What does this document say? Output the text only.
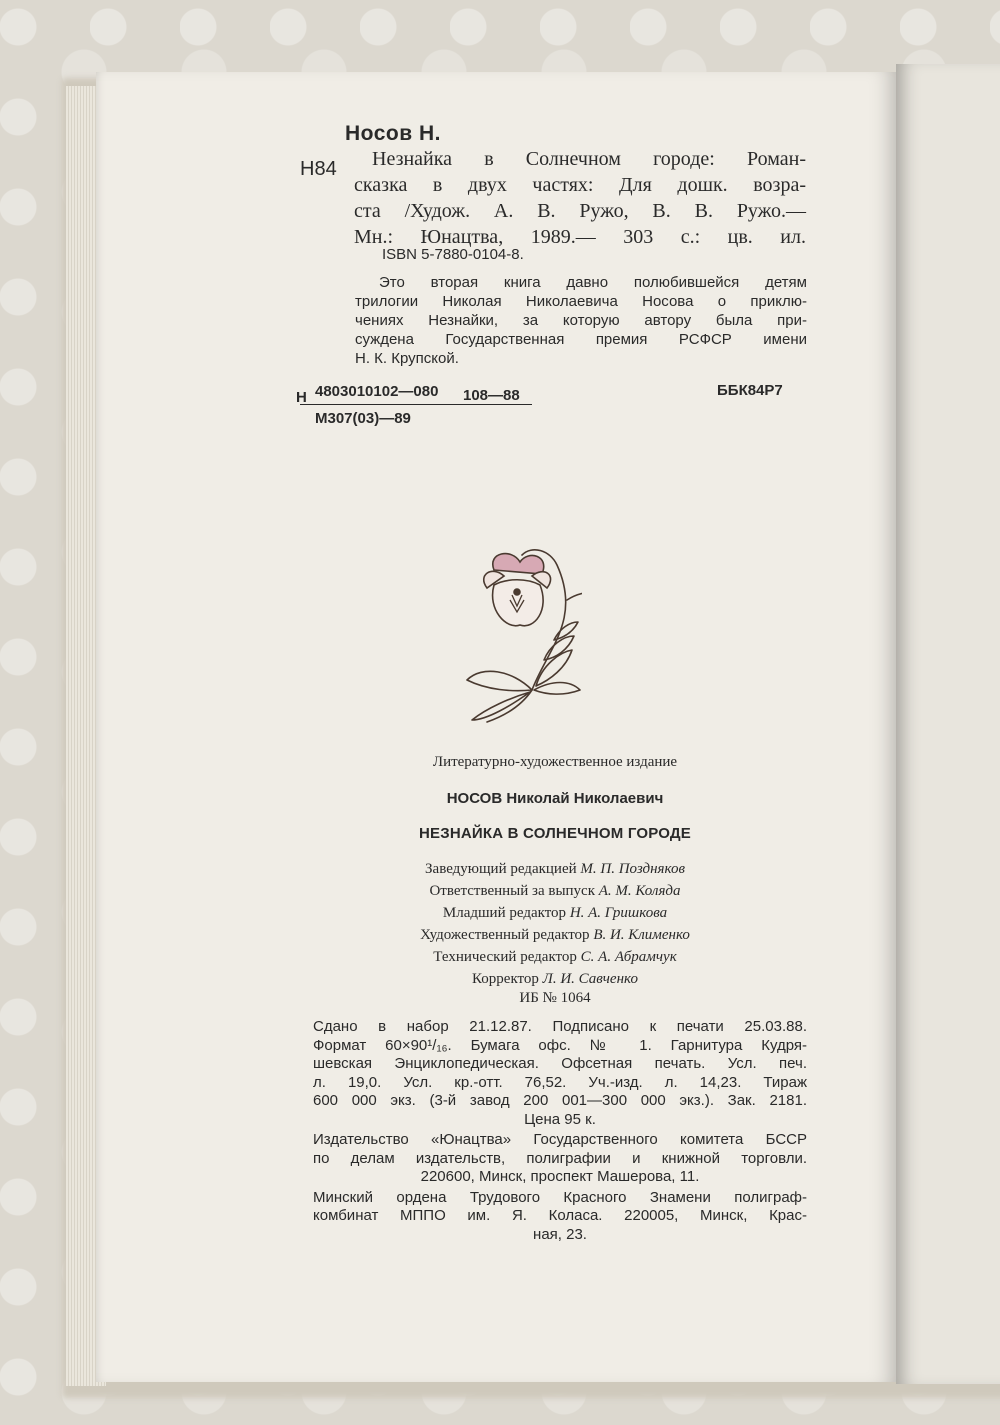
Носов Н.
Н84	Незнайка в Солнечном городе: Роман-
сказка в двух частях: Для дошк. возра-
ста /Худож. А. В. Ружо, В. В. Ружо.—
Мн.: Юнацтва, 1989.— 303 с.: цв. ил.
ISBN 5-7880-0104-8.
Это вторая книга давно полюбившейся детям
трилогии Николая Николаевича Носова о приклю-
чениях Незнайки, за которую автору была при-
суждена Государственная премия РСФСР имени
Н. К. Крупской.
4803010102—080
Н	108—88
М307(03)—89
ББК84Р7
Литературно-художественное издание
НОСОВ Николай Николаевич
НЕЗНАЙКА В СОЛНЕЧНОМ ГОРОДЕ
Заведующий редакцией М. П. Поздняков
Ответственный за выпуск А. М. Коляда
Младший редактор Н. А. Гришкова
Художественный редактор В. И. Клименко
Технический редактор С. А. Абрамчук
Корректор Л. И. Савченко
ИБ № 1064
Сдано в набор 21.12.87. Подписано к печати 25.03.88.
Формат 60×90¹/₁₆. Бумага офс. № 1. Гарнитура Кудря-
шевская Энциклопедическая. Офсетная печать. Усл. печ.
л. 19,0. Усл. кр.-отт. 76,52. Уч.-изд. л. 14,23. Тираж
600 000 экз. (3-й завод 200 001—300 000 экз.). Зак. 2181.
Цена 95 к.
Издательство «Юнацтва» Государственного комитета БССР
по делам издательств, полиграфии и книжной торговли.
220600, Минск, проспект Машерова, 11.
Минский ордена Трудового Красного Знамени полиграф-
комбинат МППО им. Я. Коласа. 220005, Минск, Крас-
ная, 23.
